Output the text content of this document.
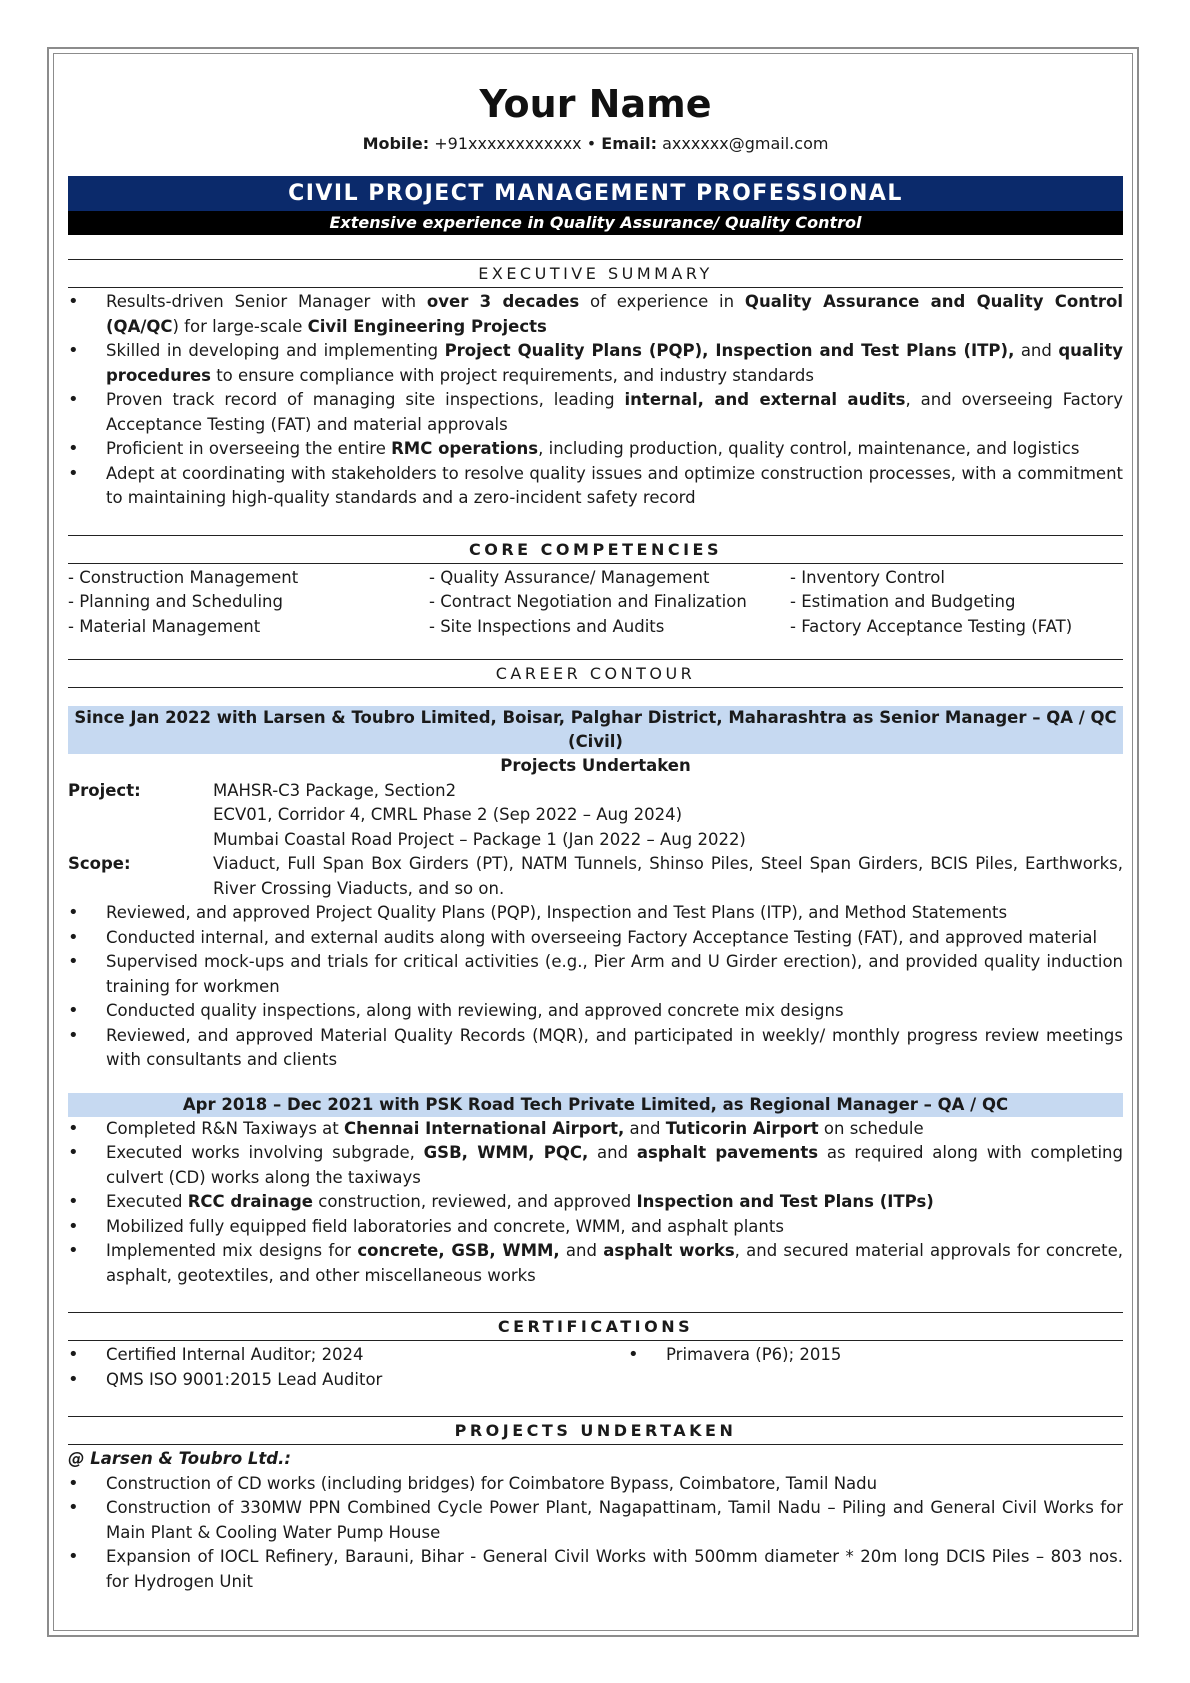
Your Name
Mobile: +91xxxxxxxxxxxx • Email: axxxxxx@gmail.com
CIVIL PROJECT MANAGEMENT PROFESSIONAL
Extensive experience in Quality Assurance/ Quality Control
EXECUTIVE SUMMARY
• Results-driven Senior Manager with over 3 decades of experience in Quality Assurance and Quality Control (QA/QC) for large-scale Civil Engineering Projects
• Skilled in developing and implementing Project Quality Plans (PQP), Inspection and Test Plans (ITP), and quality procedures to ensure compliance with project requirements, and industry standards
• Proven track record of managing site inspections, leading internal, and external audits, and overseeing Factory Acceptance Testing (FAT) and material approvals
• Proficient in overseeing the entire RMC operations, including production, quality control, maintenance, and logistics
• Adept at coordinating with stakeholders to resolve quality issues and optimize construction processes, with a commitment to maintaining high-quality standards and a zero-incident safety record
CORE COMPETENCIES
- Construction Management	- Quality Assurance/ Management	- Inventory Control
- Planning and Scheduling	- Contract Negotiation and Finalization	- Estimation and Budgeting
- Material Management	- Site Inspections and Audits	- Factory Acceptance Testing (FAT)
CAREER CONTOUR
Since Jan 2022 with Larsen & Toubro Limited, Boisar, Palghar District, Maharashtra as Senior Manager – QA / QC (Civil)
Projects Undertaken
Project:	MAHSR-C3 Package, Section2
ECV01, Corridor 4, CMRL Phase 2 (Sep 2022 – Aug 2024)
Mumbai Coastal Road Project – Package 1 (Jan 2022 – Aug 2022)
Scope:	Viaduct, Full Span Box Girders (PT), NATM Tunnels, Shinso Piles, Steel Span Girders, BCIS Piles, Earthworks, River Crossing Viaducts, and so on.
• Reviewed, and approved Project Quality Plans (PQP), Inspection and Test Plans (ITP), and Method Statements
• Conducted internal, and external audits along with overseeing Factory Acceptance Testing (FAT), and approved material
• Supervised mock-ups and trials for critical activities (e.g., Pier Arm and U Girder erection), and provided quality induction training for workmen
• Conducted quality inspections, along with reviewing, and approved concrete mix designs
• Reviewed, and approved Material Quality Records (MQR), and participated in weekly/ monthly progress review meetings with consultants and clients
Apr 2018 – Dec 2021 with PSK Road Tech Private Limited, as Regional Manager – QA / QC
• Completed R&N Taxiways at Chennai International Airport, and Tuticorin Airport on schedule
• Executed works involving subgrade, GSB, WMM, PQC, and asphalt pavements as required along with completing culvert (CD) works along the taxiways
• Executed RCC drainage construction, reviewed, and approved Inspection and Test Plans (ITPs)
• Mobilized fully equipped field laboratories and concrete, WMM, and asphalt plants
• Implemented mix designs for concrete, GSB, WMM, and asphalt works, and secured material approvals for concrete, asphalt, geotextiles, and other miscellaneous works
CERTIFICATIONS
• Certified Internal Auditor; 2024
• QMS ISO 9001:2015 Lead Auditor
• Primavera (P6); 2015
PROJECTS UNDERTAKEN
@ Larsen & Toubro Ltd.:
• Construction of CD works (including bridges) for Coimbatore Bypass, Coimbatore, Tamil Nadu
• Construction of 330MW PPN Combined Cycle Power Plant, Nagapattinam, Tamil Nadu – Piling and General Civil Works for Main Plant & Cooling Water Pump House
• Expansion of IOCL Refinery, Barauni, Bihar - General Civil Works with 500mm diameter * 20m long DCIS Piles – 803 nos. for Hydrogen Unit
